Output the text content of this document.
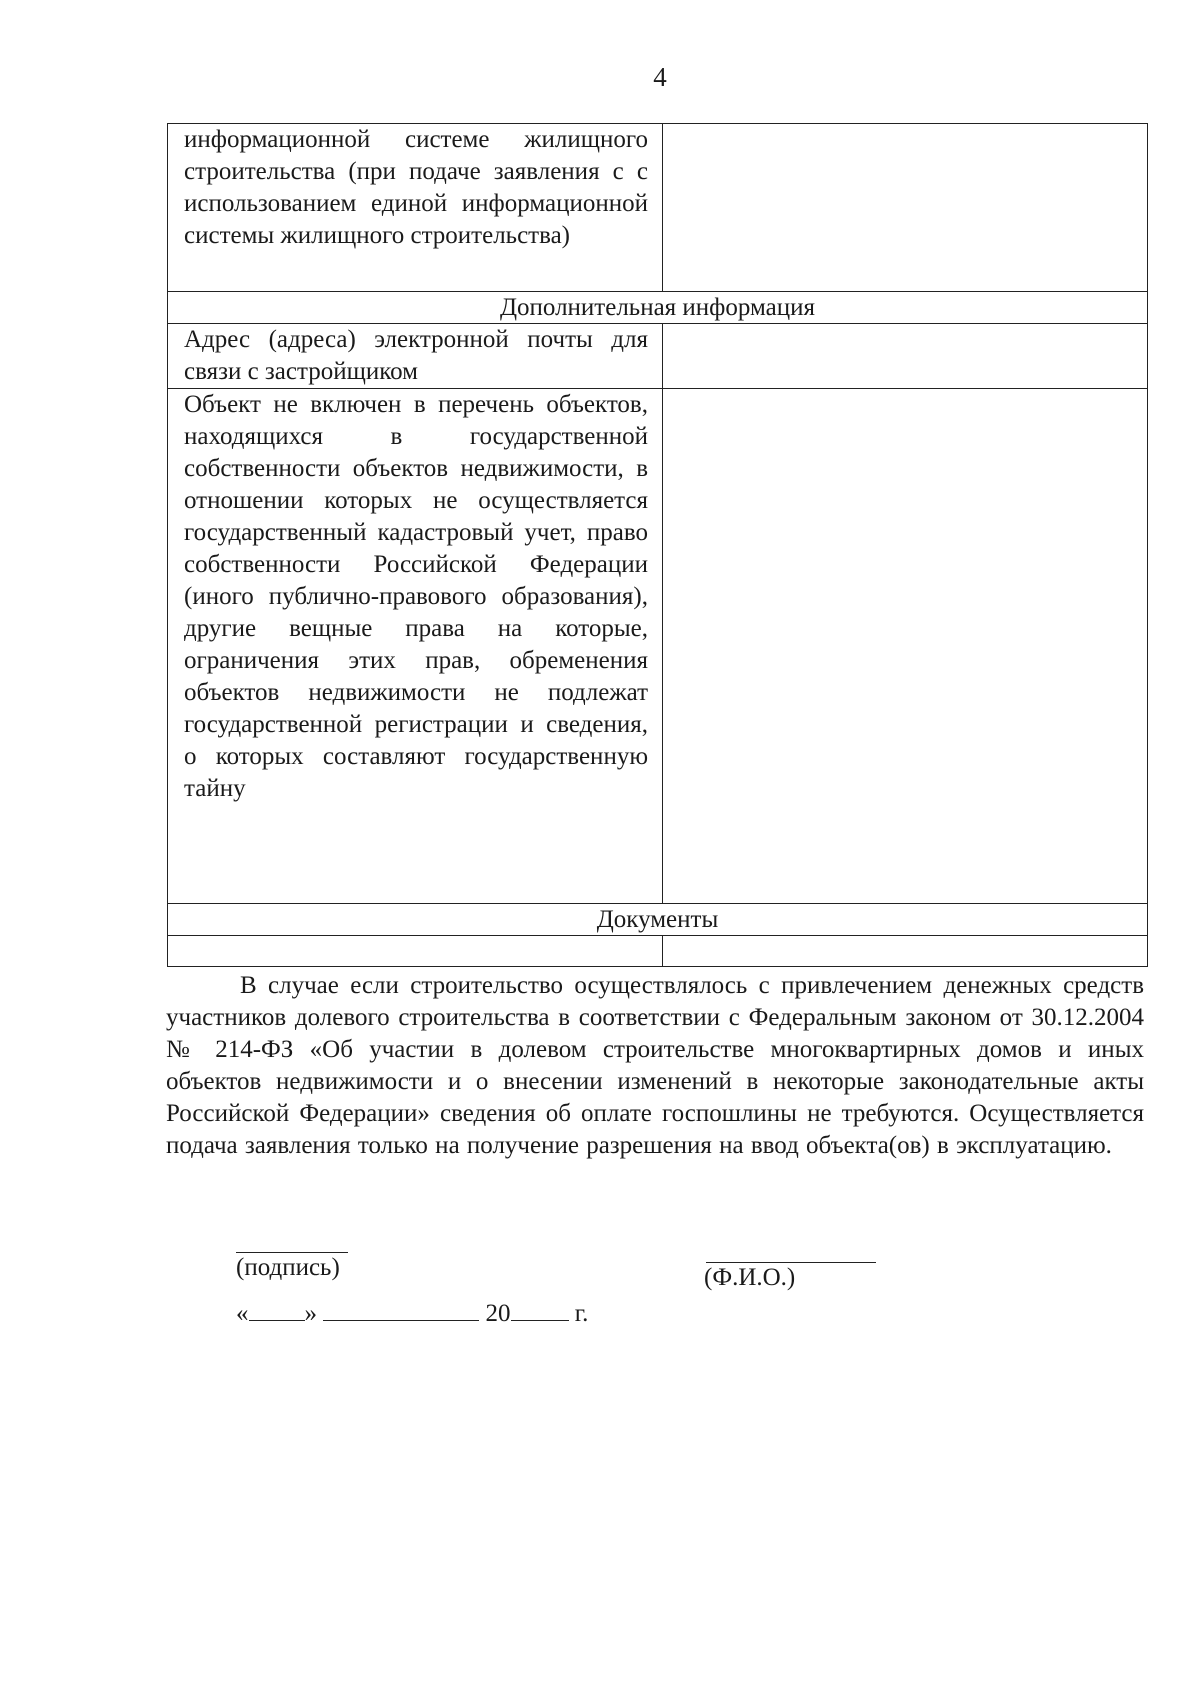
4

информационной системе жилищного строительства (при подаче заявления с с использованием единой информационной системы жилищного строительства)	

Дополнительная информация	

Адрес (адреса) электронной почты для связи с застройщиком	

Объект не включен в перечень объектов, находящихся в государственной собственности объектов недвижимости, в отношении которых не осуществляется государственный кадастровый учет, право собственности Российской Федерации (иного публично-правового образования), другие вещные права на которые, ограничения этих прав, обременения объектов недвижимости не подлежат государственной регистрации и сведения, о которых составляют государственную тайну	

Документы	

В случае если строительство осуществлялось с привлечением денежных средств участников долевого строительства в соответствии с Федеральным законом от 30.12.2004 № 214-ФЗ «Об участии в долевом строительстве многоквартирных домов и иных объектов недвижимости и о внесении изменений в некоторые законодательные акты Российской Федерации» сведения об оплате госпошлины не требуются. Осуществляется подача заявления только на получение разрешения на ввод объекта(ов) в эксплуатацию.

(подпись)	(Ф.И.О.)
« »	20	г.
